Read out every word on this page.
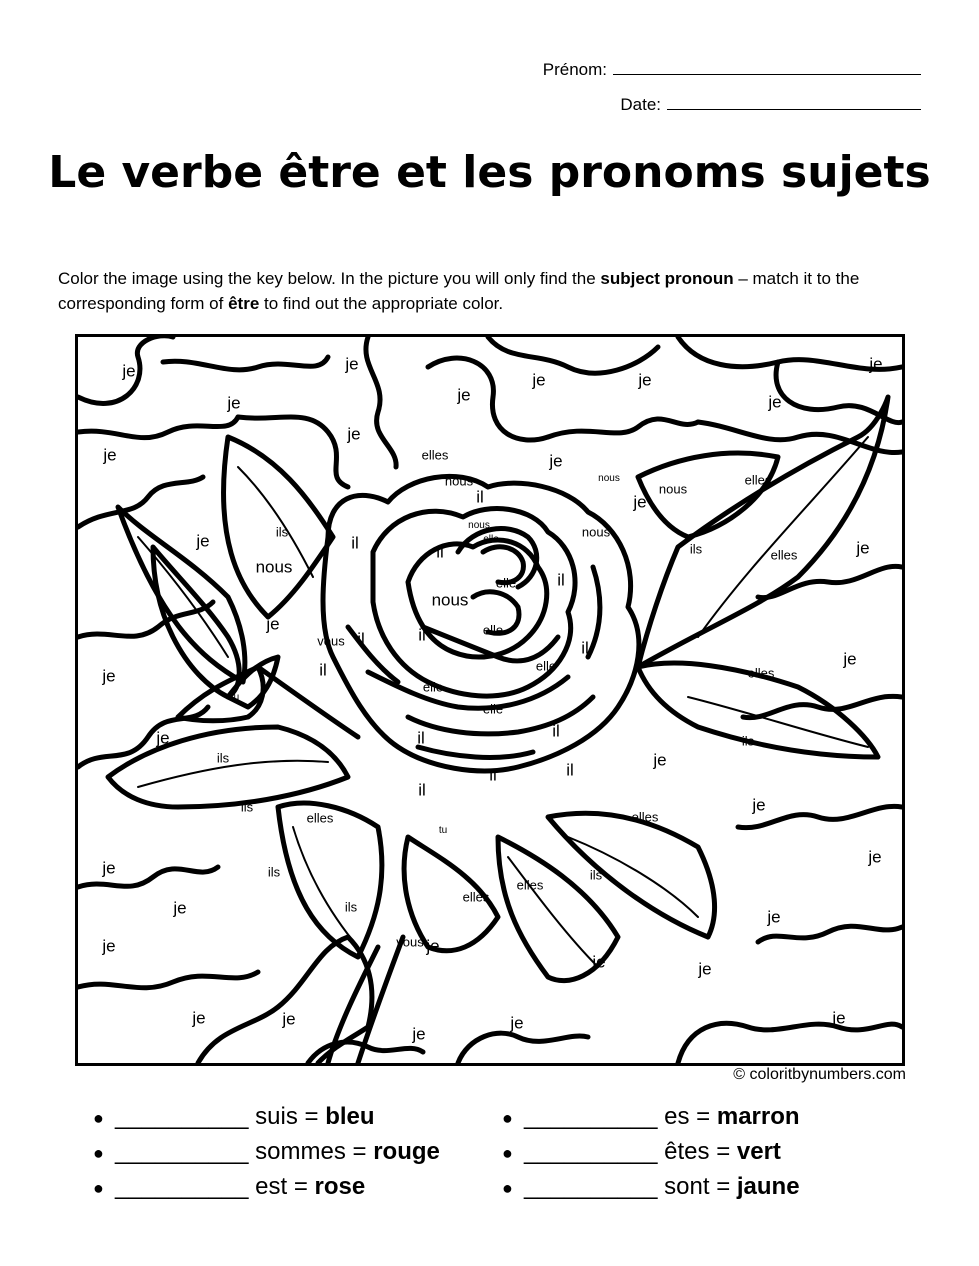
Prénom:
Date:
Le verbe être et les pronoms sujets

Color the image using the key below. In the picture you will only find the subject pronoun – match it to the corresponding form of être to find out the appropriate color.

je	je
je
je	je
je
je	je
je
je	je
je
je	je
je
je
je
je
je
je
je
je
je	je
je	je
je	je
je	je
je
je	je
tu
tu
il
il	il
il
il	il
il
il
il
il
il	il
il
elle
elle
elle
elle
elle
elle
nous
nous
nous
nous
nous
nous
nous
vous
vous
ils
ils
ils
ils
ils
ils	ils
ils
elles
elles
elles
elles
elles	elles
elles
elles
© coloritbynumbers.com
● __________ suis = bleu
● __________ sommes = rouge
● __________ est = rose
● __________ es = marron
● __________ êtes = vert
● __________ sont = jaune
